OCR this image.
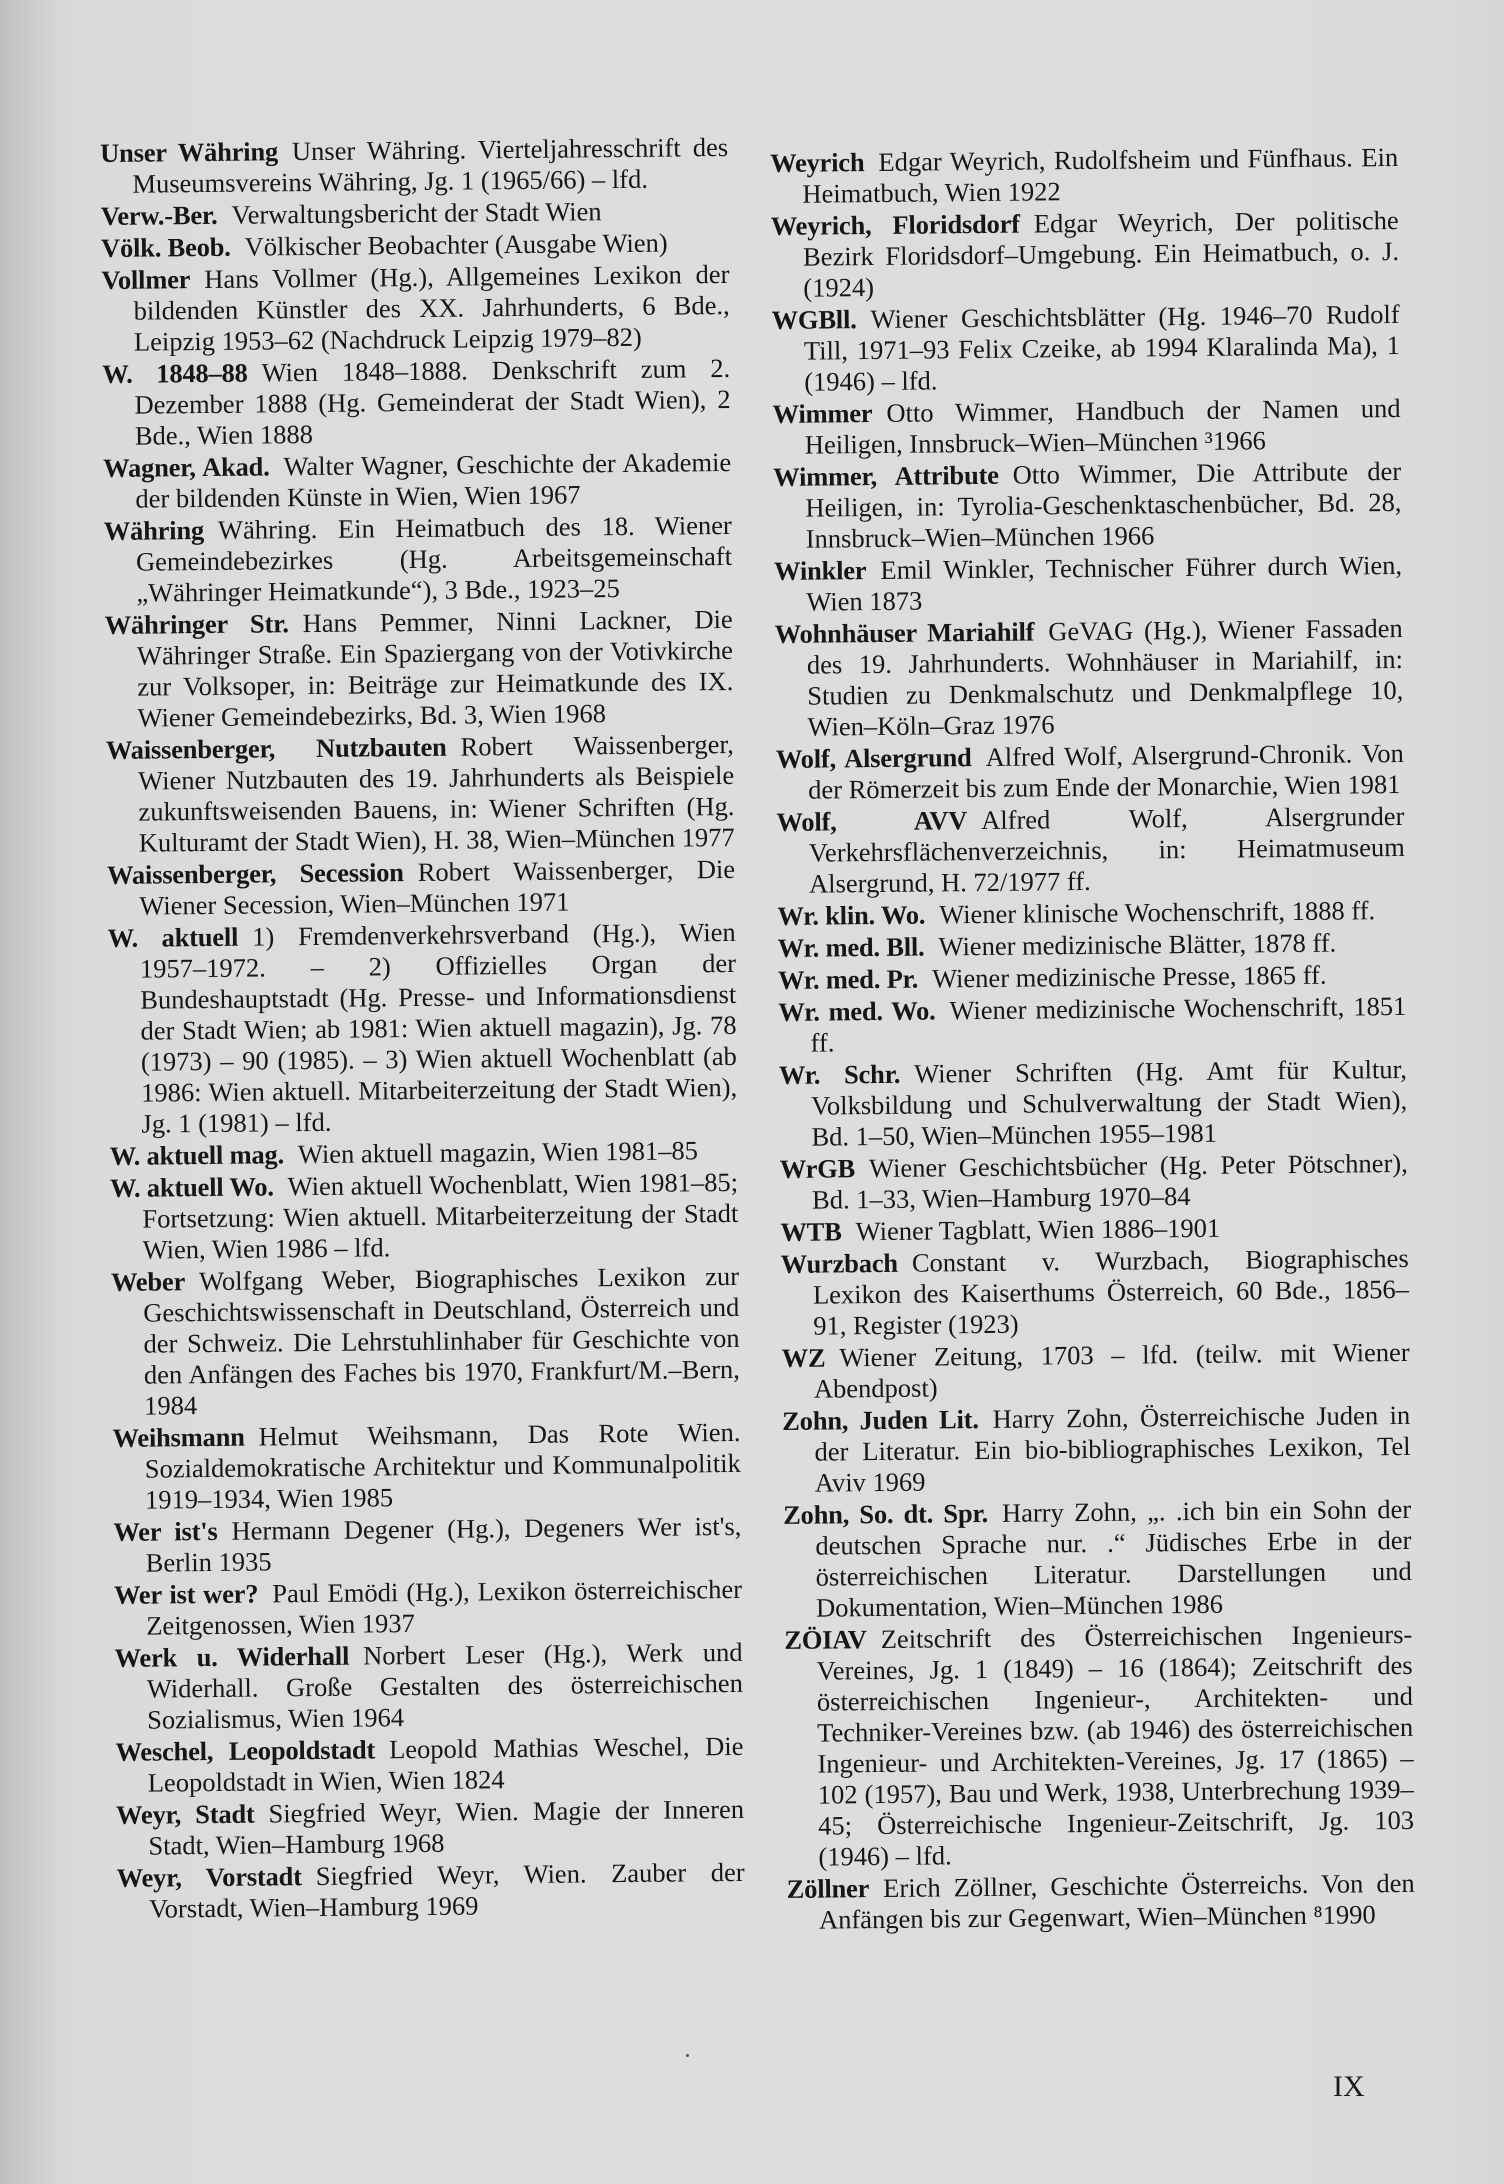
Unser Währing Unser Währing. Vierteljahresschrift des Museumsvereins Währing, Jg. 1 (1965/66) – lfd.

Verw.-Ber. Verwaltungsbericht der Stadt Wien

Völk. Beob. Völkischer Beobachter (Ausgabe Wien)

Vollmer Hans Vollmer (Hg.), Allgemeines Lexikon der bildenden Künstler des XX. Jahrhunderts, 6 Bde., Leipzig 1953–62 (Nachdruck Leipzig 1979–82)

W. 1848–88 Wien 1848–1888. Denkschrift zum 2. Dezember 1888 (Hg. Gemeinderat der Stadt Wien), 2 Bde., Wien 1888

Wagner, Akad. Walter Wagner, Geschichte der Akademie der bildenden Künste in Wien, Wien 1967

Währing Währing. Ein Heimatbuch des 18. Wiener Gemeindebezirkes (Hg. Arbeitsgemeinschaft „Währinger Heimatkunde“), 3 Bde., 1923–25

Währinger Str. Hans Pemmer, Ninni Lackner, Die Währinger Straße. Ein Spaziergang von der Votivkirche zur Volksoper, in: Beiträge zur Heimatkunde des IX. Wiener Gemeindebezirks, Bd. 3, Wien 1968

Waissenberger, Nutzbauten Robert Waissenberger, Wiener Nutzbauten des 19. Jahrhunderts als Beispiele zukunftsweisenden Bauens, in: Wiener Schriften (Hg. Kulturamt der Stadt Wien), H. 38, Wien–München 1977

Waissenberger, Secession Robert Waissenberger, Die Wiener Secession, Wien–München 1971

W. aktuell 1) Fremdenverkehrsverband (Hg.), Wien 1957–1972. – 2) Offizielles Organ der Bundeshauptstadt (Hg. Presse- und Informationsdienst der Stadt Wien; ab 1981: Wien aktuell magazin), Jg. 78 (1973) – 90 (1985). – 3) Wien aktuell Wochenblatt (ab 1986: Wien aktuell. Mitarbeiterzeitung der Stadt Wien), Jg. 1 (1981) – lfd.

W. aktuell mag. Wien aktuell magazin, Wien 1981–85

W. aktuell Wo. Wien aktuell Wochenblatt, Wien 1981–85; Fortsetzung: Wien aktuell. Mitarbeiterzeitung der Stadt Wien, Wien 1986 – lfd.

Weber Wolfgang Weber, Biographisches Lexikon zur Geschichtswissenschaft in Deutschland, Österreich und der Schweiz. Die Lehrstuhlinhaber für Geschichte von den Anfängen des Faches bis 1970, Frankfurt/M.–Bern, 1984

Weihsmann Helmut Weihsmann, Das Rote Wien. Sozialdemokratische Architektur und Kommunalpolitik 1919–1934, Wien 1985

Wer ist's Hermann Degener (Hg.), Degeners Wer ist's, Berlin 1935

Wer ist wer? Paul Emödi (Hg.), Lexikon österreichischer Zeitgenossen, Wien 1937

Werk u. Widerhall Norbert Leser (Hg.), Werk und Widerhall. Große Gestalten des österreichischen Sozialismus, Wien 1964

Weschel, Leopoldstadt Leopold Mathias Weschel, Die Leopoldstadt in Wien, Wien 1824

Weyr, Stadt Siegfried Weyr, Wien. Magie der Inneren Stadt, Wien–Hamburg 1968

Weyr, Vorstadt Siegfried Weyr, Wien. Zauber der Vorstadt, Wien–Hamburg 1969

Weyrich Edgar Weyrich, Rudolfsheim und Fünfhaus. Ein Heimatbuch, Wien 1922

Weyrich, Floridsdorf Edgar Weyrich, Der politische Bezirk Floridsdorf–Umgebung. Ein Heimatbuch, o. J. (1924)

WGBll. Wiener Geschichtsblätter (Hg. 1946–70 Rudolf Till, 1971–93 Felix Czeike, ab 1994 Klaralinda Ma), 1 (1946) – lfd.

Wimmer Otto Wimmer, Handbuch der Namen und Heiligen, Innsbruck–Wien–München ³1966

Wimmer, Attribute Otto Wimmer, Die Attribute der Heiligen, in: Tyrolia-Geschenktaschenbücher, Bd. 28, Innsbruck–Wien–München 1966

Winkler Emil Winkler, Technischer Führer durch Wien, Wien 1873

Wohnhäuser Mariahilf GeVAG (Hg.), Wiener Fassaden des 19. Jahrhunderts. Wohnhäuser in Mariahilf, in: Studien zu Denkmalschutz und Denkmalpflege 10, Wien–Köln–Graz 1976

Wolf, Alsergrund Alfred Wolf, Alsergrund-Chronik. Von der Römerzeit bis zum Ende der Monarchie, Wien 1981

Wolf, AVV Alfred Wolf, Alsergrunder Verkehrsflächenverzeichnis, in: Heimatmuseum Alsergrund, H. 72/1977 ff.

Wr. klin. Wo. Wiener klinische Wochenschrift, 1888 ff.

Wr. med. Bll. Wiener medizinische Blätter, 1878 ff.

Wr. med. Pr. Wiener medizinische Presse, 1865 ff.

Wr. med. Wo. Wiener medizinische Wochenschrift, 1851 ff.

Wr. Schr. Wiener Schriften (Hg. Amt für Kultur, Volksbildung und Schulverwaltung der Stadt Wien), Bd. 1–50, Wien–München 1955–1981

WrGB Wiener Geschichtsbücher (Hg. Peter Pötschner), Bd. 1–33, Wien–Hamburg 1970–84

WTB Wiener Tagblatt, Wien 1886–1901

Wurzbach Constant v. Wurzbach, Biographisches Lexikon des Kaiserthums Österreich, 60 Bde., 1856–91, Register (1923)

WZ Wiener Zeitung, 1703 – lfd. (teilw. mit Wiener Abendpost)

Zohn, Juden Lit. Harry Zohn, Österreichische Juden in der Literatur. Ein bio-bibliographisches Lexikon, Tel Aviv 1969

Zohn, So. dt. Spr. Harry Zohn, „. .ich bin ein Sohn der deutschen Sprache nur. .“ Jüdisches Erbe in der österreichischen Literatur. Darstellungen und Dokumentation, Wien–München 1986

ZÖIAV Zeitschrift des Österreichischen Ingenieurs-Vereines, Jg. 1 (1849) – 16 (1864); Zeitschrift des österreichischen Ingenieur-, Architekten- und Techniker-Vereines bzw. (ab 1946) des österreichischen Ingenieur- und Architekten-Vereines, Jg. 17 (1865) – 102 (1957), Bau und Werk, 1938, Unterbrechung 1939–45; Österreichische Ingenieur-Zeitschrift, Jg. 103 (1946) – lfd.

Zöllner Erich Zöllner, Geschichte Österreichs. Von den Anfängen bis zur Gegenwart, Wien–München ⁸1990

IX
